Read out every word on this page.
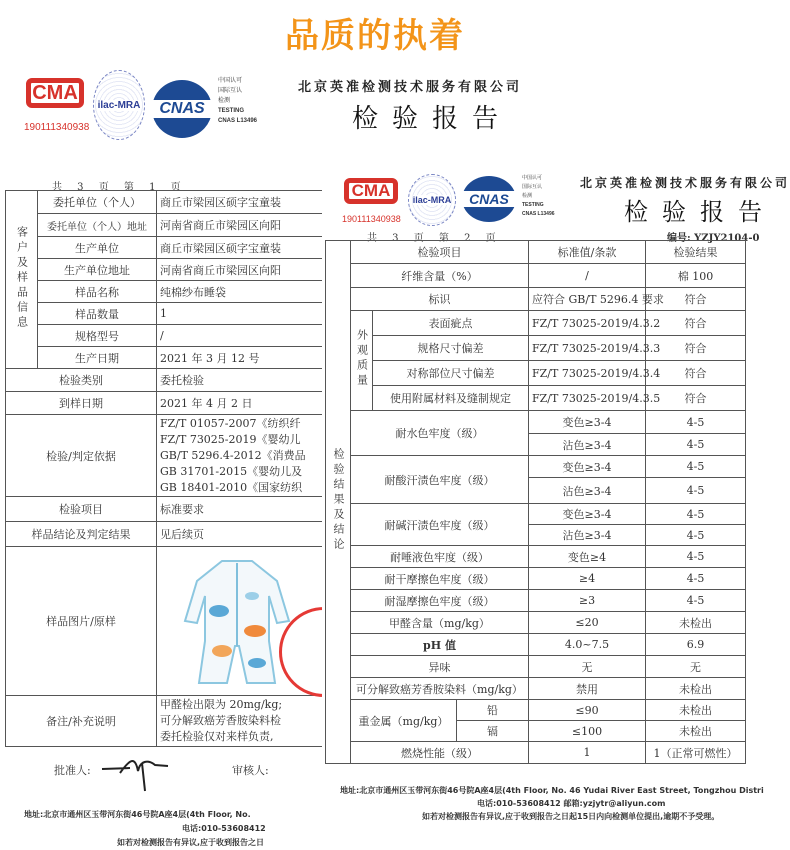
品质的执着
CMA
190111340938
ilac-MRA	CNAS
中国认可
国际互认
检测
TESTING
CNAS L13496
北京英准检测技术服务有限公司
检验报告
共 3 页 第 1 页
客户及样品信息	委托单位（个人）	商丘市梁园区硕字宝童装
	委托单位（个人）地址	河南省商丘市梁园区向阳
	生产单位	商丘市梁园区硕字宝童装
	生产单位地址	河南省商丘市梁园区向阳
	样品名称	纯棉纱布睡袋
	样品数量	1
	规格型号	/
	生产日期	2021 年 3 月 12 号
检验类别		委托检验
到样日期		2021 年 4 月 2 日
检验/判定依据		FZ/T 01057-2007《纺织纤
FZ/T 73025-2019《婴幼儿
GB/T 5296.4-2012《消费品
GB 31701-2015《婴幼儿及
GB 18401-2010《国家纺织

检验项目		标准要求
样品结论及判定结果		见后续页
样品图片/原样	

备注/补充说明		甲醛检出限为 20mg/kg;
可分解致癌芳香胺染料检
委托检验仅对来样负责,
批准人:	审核人:
地址:北京市通州区玉带河东街46号院A座4层(4th Floor, No.
电话:010-53608412
如若对检测报告有异议,应于收到报告之日
CMA
190111340938
ilac-MRA	CNAS
中国认可
国际互认
检测
TESTING
CNAS L13496
北京英准检测技术服务有限公司
检验报告
共 3 页 第 2 页	编号: YZJY2104-0
检验结果及结论	检验项目			标准值/条款	检验结果	
	纤维含量（%）			/	棉 100	
	标识			应符合 GB/T 5296.4 要求	符合	
	外观质量	表面疵点		FZ/T 73025-2019/4.3.2	符合	
		规格尺寸偏差		FZ/T 73025-2019/4.3.3	符合	
		对称部位尺寸偏差		FZ/T 73025-2019/4.3.4	符合	
		使用附属材料及缝制规定		FZ/T 73025-2019/4.3.5	符合	
	耐水色牢度（级）			变色≥3-4	4-5	
				沾色≥3-4	4-5	
	耐酸汗渍色牢度（级）			变色≥3-4	4-5	
				沾色≥3-4	4-5	
	耐碱汗渍色牢度（级）			变色≥3-4	4-5	
				沾色≥3-4	4-5	
	耐唾液色牢度（级）			变色≥4	4-5	
	耐干摩擦色牢度（级）			≥4	4-5	
	耐湿摩擦色牢度（级）			≥3	4-5	
	甲醛含量（mg/kg）			≤20	未检出	
	pH 值			4.0~7.5	6.9	
	异味			无	无	
	可分解致癌芳香胺染料（mg/kg）			禁用	未检出	
	重金属（mg/kg）		铅	≤90	未检出	
			镉	≤100	未检出	
	燃烧性能（级）			1	1（正常可燃性）	
地址:北京市通州区玉带河东街46号院A座4层(4th Floor, No. 46 Yudai River East Street, Tongzhou Distri
电话:010-53608412 邮箱:yzjytr@aliyun.com
如若对检测报告有异议,应于收到报告之日起15日内向检测单位提出,逾期不予受理。
